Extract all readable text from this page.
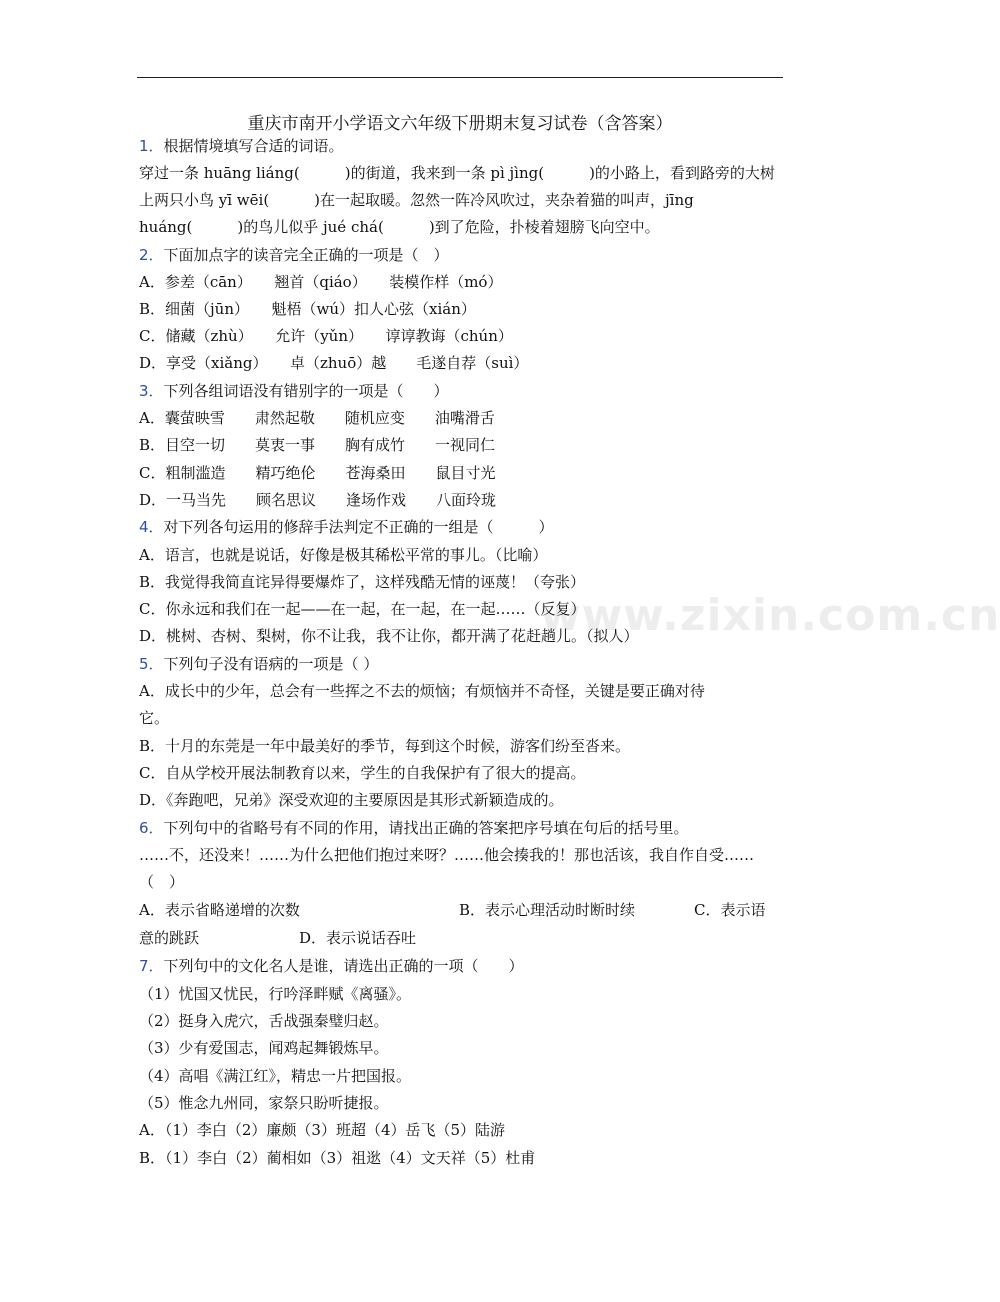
重庆市南开小学语文六年级下册期末复习试卷（含答案）
www.zixin.com.cn
1．根据情境填写合适的词语。
穿过一条 huāng liáng(　　　)的街道，我来到一条 pì jìng(　　　)的小路上，看到路旁的大树
上两只小鸟 yī wēi(　　　)在一起取暖。忽然一阵冷风吹过，夹杂着猫的叫声，jīng
huáng(　　　)的鸟儿似乎 jué chá(　　　)到了危险，扑棱着翅膀飞向空中。
2．下面加点字的读音完全正确的一项是（　）
A．参差（cān）　　翘首（qiáo）　　装模作样（mó）
B．细菌（jūn）　　魁梧（wú）扣人心弦（xián）
C．储藏（zhù）　　允许（yǔn）　　谆谆教诲（chún）
D．享受（xiǎng）　　卓（zhuō）越　　毛遂自荐（suì）
3．下列各组词语没有错别字的一项是（　　）
A．囊萤映雪　　肃然起敬　　随机应变　　油嘴滑舌
B．目空一切　　莫衷一事　　胸有成竹　　一视同仁
C．粗制滥造　　精巧绝伦　　苍海桑田　　鼠目寸光
D．一马当先　　顾名思议　　逢场作戏　　八面玲珑
4．对下列各句运用的修辞手法判定不正确的一组是（　　　）
A．语言，也就是说话，好像是极其稀松平常的事儿。（比喻）
B．我觉得我简直诧异得要爆炸了，这样残酷无情的诬蔑！（夸张）
C．你永远和我们在一起——在一起，在一起，在一起……（反复）
D．桃树、杏树、梨树，你不让我，我不让你，都开满了花赶趟儿。（拟人）
5．下列句子没有语病的一项是（ ）
A．成长中的少年，总会有一些挥之不去的烦恼；有烦恼并不奇怪，关键是要正确对待
它。
B．十月的东莞是一年中最美好的季节，每到这个时候，游客们纷至沓来。
C．自从学校开展法制教育以来，学生的自我保护有了很大的提高。
D．《奔跑吧，兄弟》深受欢迎的主要原因是其形式新颖造成的。
6．下列句中的省略号有不同的作用，请找出正确的答案把序号填在句后的括号里。
……不，还没来！……为什么把他们抱过来呀？……他会揍我的！那也活该，我自作自受……
（　）
A．表示省略递增的次数	B．表示心理活动时断时续	C．表示语
意的跳跃	D．表示说话吞吐
7．下列句中的文化名人是谁，请选出正确的一项（　　）
（1）忧国又忧民，行吟泽畔赋《离骚》。
（2）挺身入虎穴，舌战强秦璧归赵。
（3）少有爱国志，闻鸡起舞锻炼早。
（4）高唱《满江红》，精忠一片把国报。
（5）惟念九州同，家祭只盼听捷报。
A．（1）李白（2）廉颇（3）班超（4）岳飞（5）陆游
B．（1）李白（2）蔺相如（3）祖逖（4）文天祥（5）杜甫
